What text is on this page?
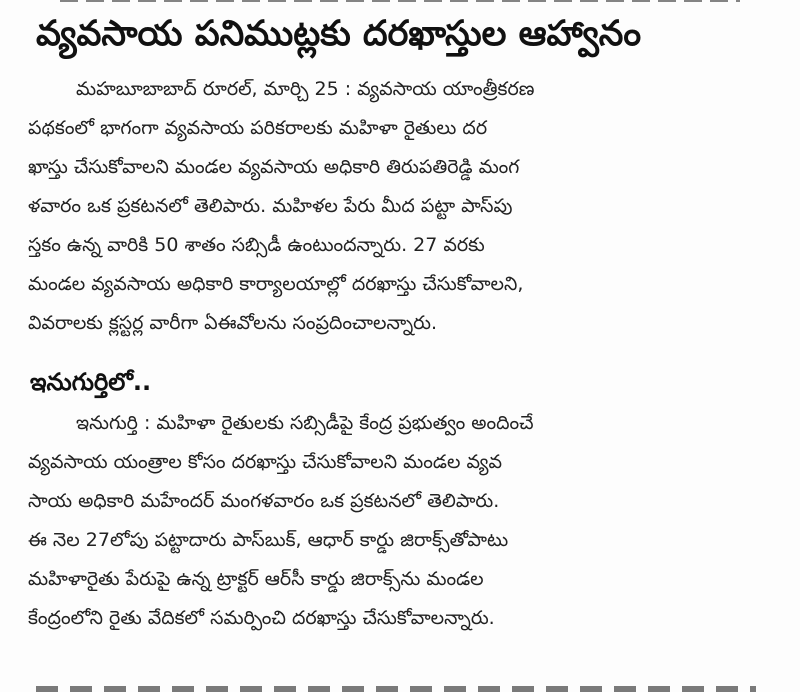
వ్యవసాయ పనిముట్లకు దరఖాస్తుల ఆహ్వానం
మహబూబాబాద్ రూరల్, మార్చి 25 : వ్యవసాయ యాంత్రీకరణ
పథకంలో భాగంగా వ్యవసాయ పరికరాలకు మహిళా రైతులు దర
ఖాస్తు చేసుకోవాలని మండల వ్యవసాయ అధికారి తిరుపతిరెడ్డి మంగ
ళవారం ఒక ప్రకటనలో తెలిపారు. మహిళల పేరు మీద పట్టా పాస్‌పు
స్తకం ఉన్న వారికి 50 శాతం సబ్సిడీ ఉంటుందన్నారు. 27 వరకు
మండల వ్యవసాయ అధికారి కార్యాలయాల్లో దరఖాస్తు చేసుకోవాలని,
వివరాలకు క్లస్టర్ల వారీగా ఏఈవోలను సంప్రదించాలన్నారు.
ఇనుగుర్తిలో..
ఇనుగుర్తి : మహిళా రైతులకు సబ్సిడీపై కేంద్ర ప్రభుత్వం అందించే
వ్యవసాయ యంత్రాల కోసం దరఖాస్తు చేసుకోవాలని మండల వ్యవ
సాయ అధికారి మహేందర్ మంగళవారం ఒక ప్రకటనలో తెలిపారు.
ఈ నెల 27లోపు పట్టాదారు పాస్‌బుక్, ఆధార్ కార్డు జిరాక్స్‌తోపాటు
మహిళారైతు పేరుపై ఉన్న ట్రాక్టర్ ఆర్‌సీ కార్డు జిరాక్స్‌ను మండల
కేంద్రంలోని రైతు వేదికలో సమర్పించి దరఖాస్తు చేసుకోవాలన్నారు.
